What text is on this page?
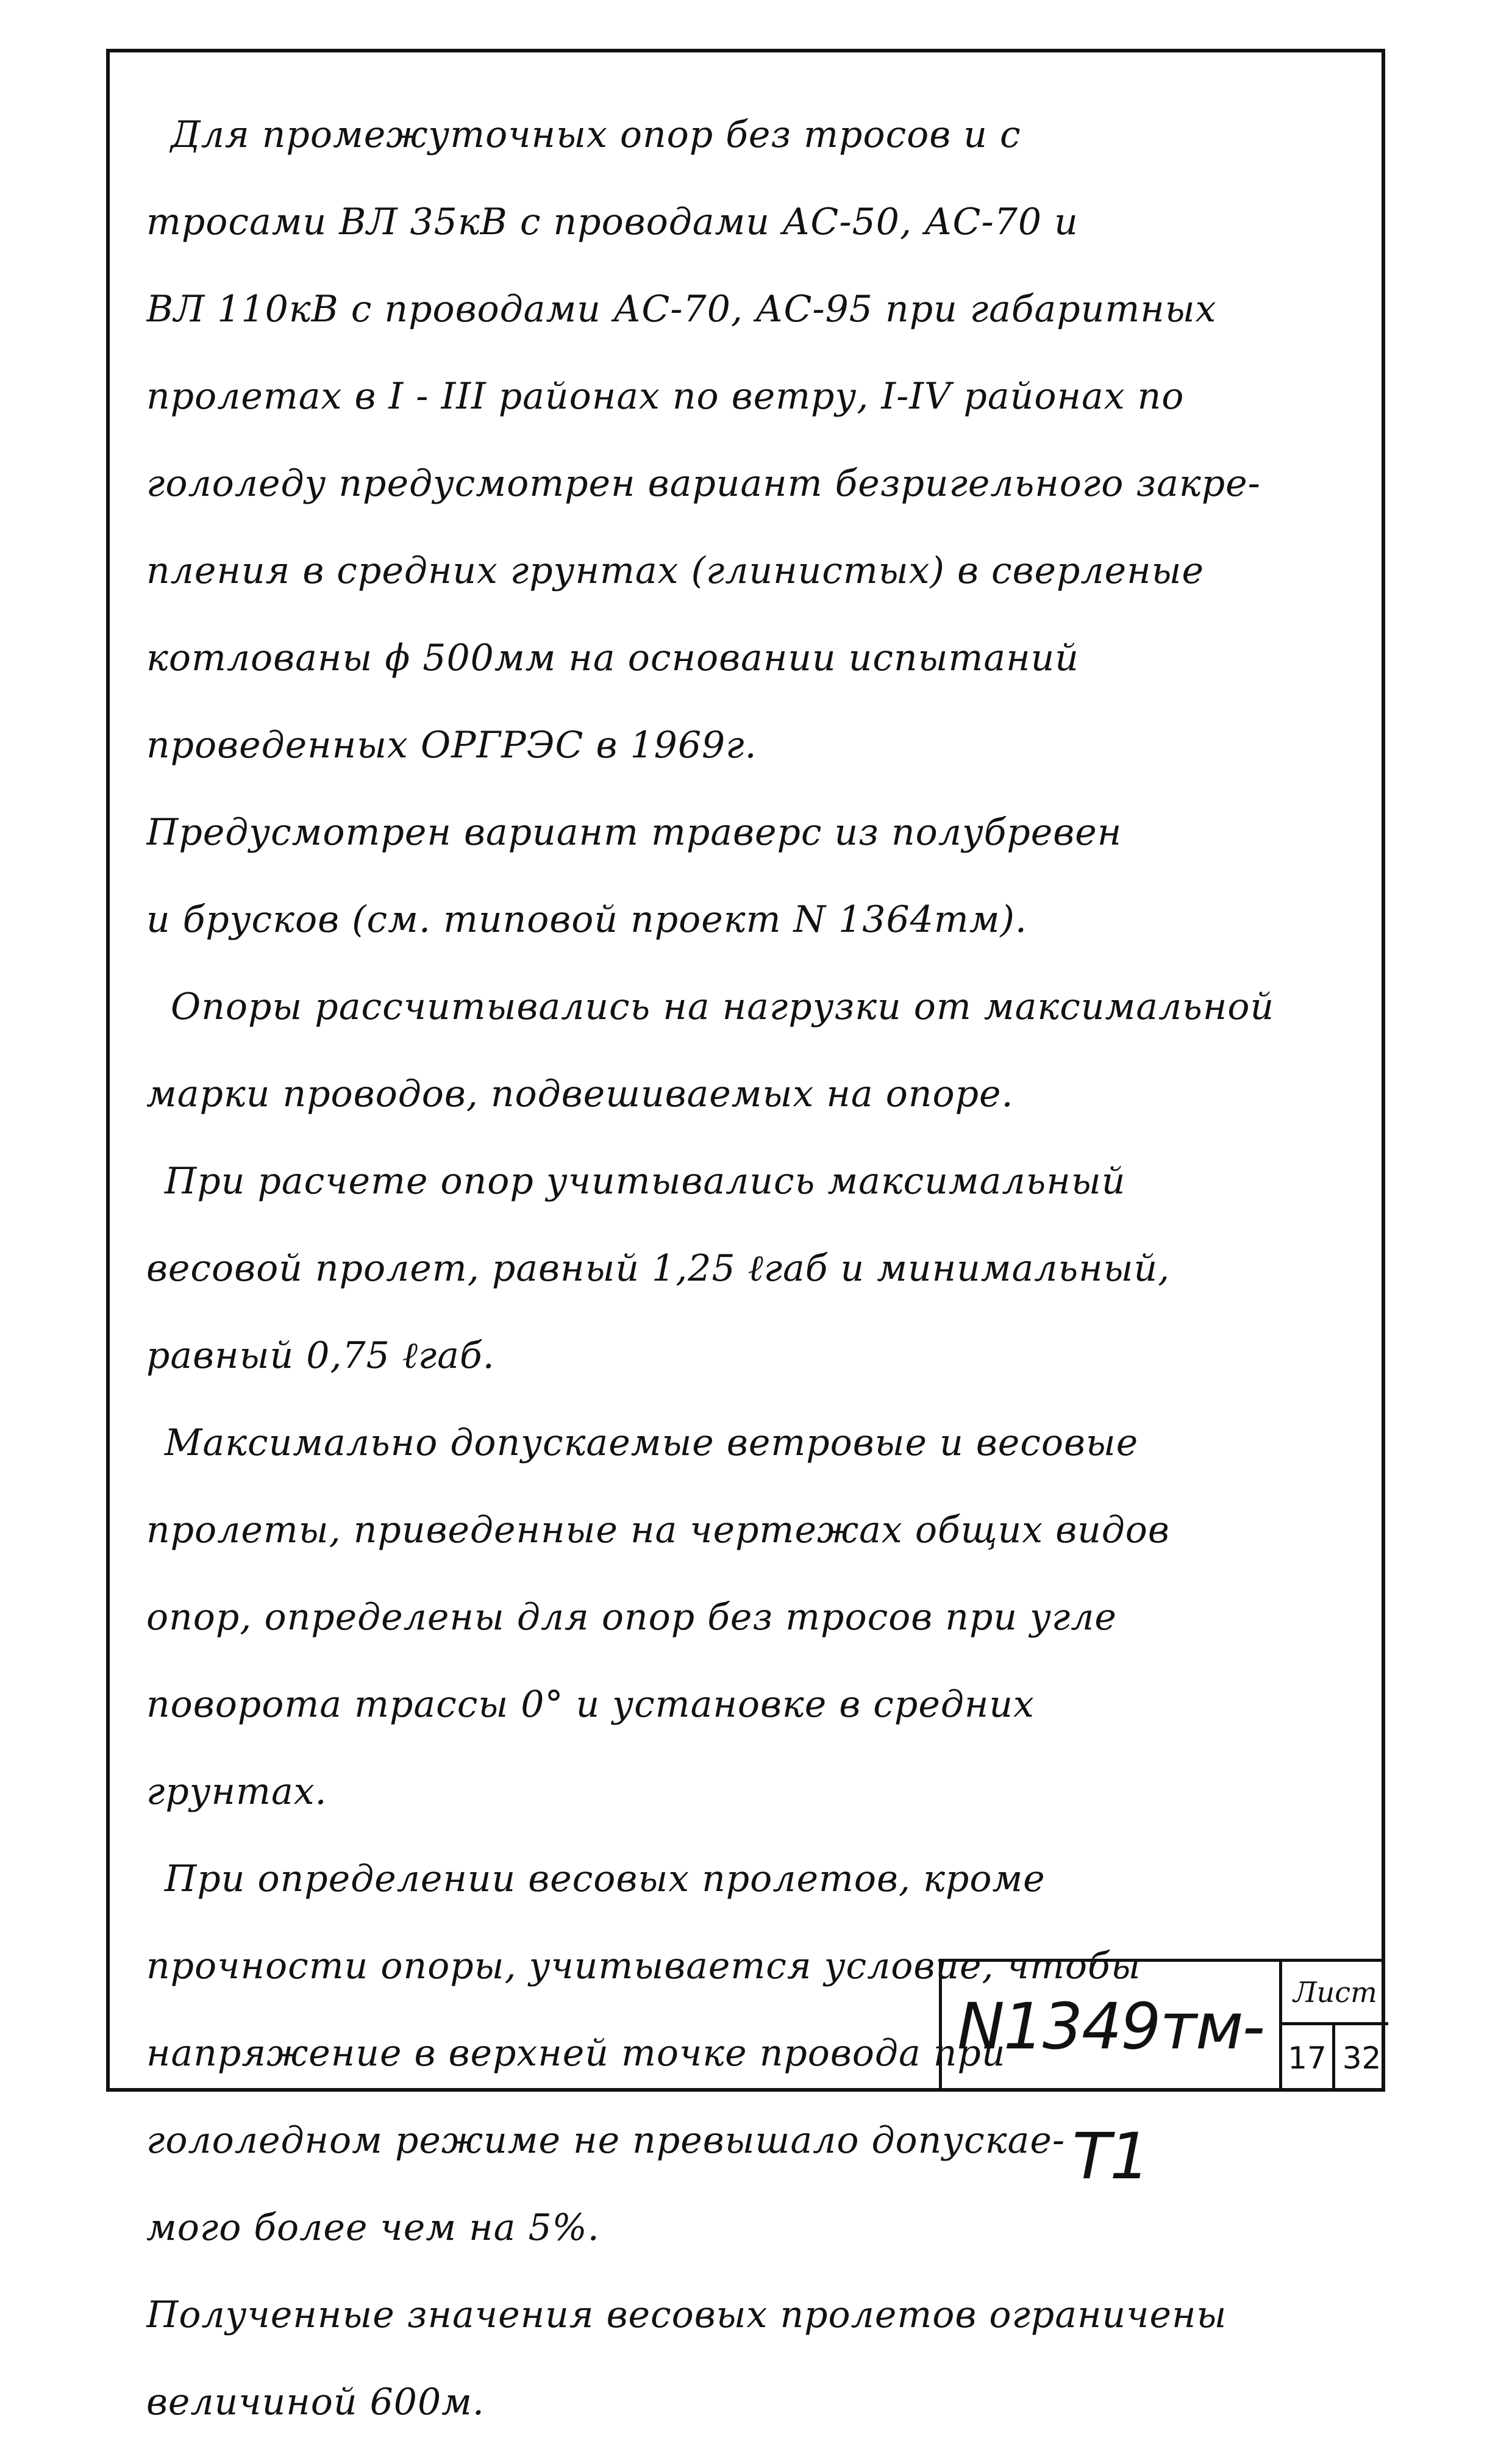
Для промежуточных опор без тросов и с
тросами ВЛ 35кВ с проводами АС-50, АС-70 и
ВЛ 110кВ с проводами АС-70, АС-95 при габаритных
пролетах в I - III районах по ветру, I-IV районах по
гололеду предусмотрен вариант безригельного закре-
пления в средних грунтах (глинистых) в сверленые
котлованы ϕ 500мм на основании испытаний
проведенных ОРГРЭС в 1969г.
Предусмотрен вариант траверс из полубревен
и брусков (см. типовой проект N 1364тм).
Опоры рассчитывались на нагрузки от максимальной
марки проводов, подвешиваемых на опоре.
При расчете опор учитывались максимальный
весовой пролет, равный 1,25 ℓгаб и минимальный,
равный 0,75 ℓгаб.
Максимально допускаемые ветровые и весовые
пролеты, приведенные на чертежах общих видов
опор, определены для опор без тросов при угле
поворота трассы 0° и установке в средних
грунтах.
При определении весовых пролетов, кроме
прочности опоры, учитывается условие, чтобы
напряжение в верхней точке провода при
гололедном режиме не превышало допускае-
мого более чем на 5%.
Полученные значения весовых пролетов ограничены
величиной 600м.
N1349тм-Т1
Лист
17 32
